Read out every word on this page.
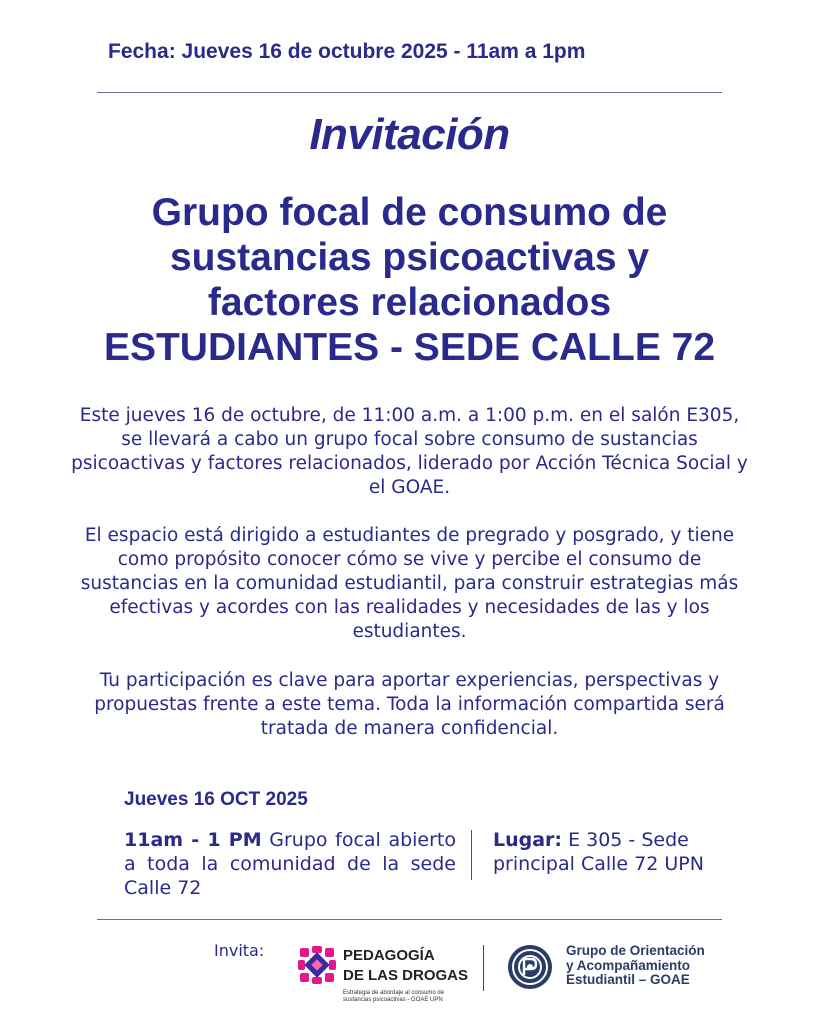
Fecha: Jueves 16 de octubre 2025 - 11am a 1pm
Invitación
Grupo focal de consumo de
sustancias psicoactivas y
factores relacionados
ESTUDIANTES - SEDE CALLE 72
Este jueves 16 de octubre, de 11:00 a.m. a 1:00 p.m. en el salón E305, se llevará a cabo un grupo focal sobre consumo de sustancias psicoactivas y factores relacionados, liderado por Acción Técnica Social y el GOAE.
El espacio está dirigido a estudiantes de pregrado y posgrado, y tiene como propósito conocer cómo se vive y percibe el consumo de sustancias en la comunidad estudiantil, para construir estrategias más efectivas y acordes con las realidades y necesidades de las y los estudiantes.
Tu participación es clave para aportar experiencias, perspectivas y propuestas frente a este tema. Toda la información compartida será tratada de manera confidencial.
Jueves 16 OCT 2025
11am - 1 PM Grupo focal abierto a toda la comunidad de la sede Calle 72
Lugar: E 305 - Sede principal Calle 72 UPN
Invita:	PEDAGOGÍA
DE LAS DROGAS
Estrategia de abordaje al consumo de sustancias psicoactivas - GOAE UPN
Grupo de Orientación
y Acompañamiento
Estudiantil – GOAE
